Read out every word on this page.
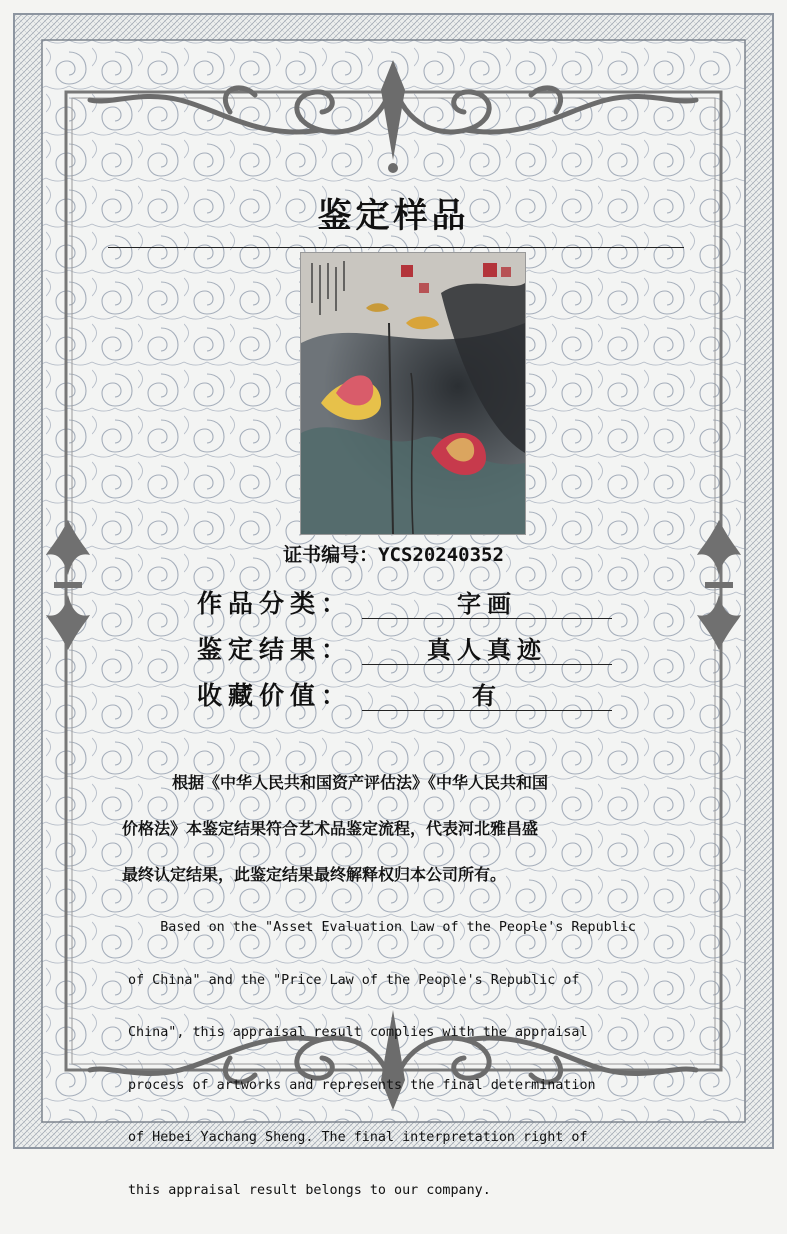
鉴定样品
证书编号：YCS20240352
作品分类：	字画
鉴定结果：	真人真迹
收藏价值：	有
根据《中华人民共和国资产评估法》《中华人民共和国
价格法》本鉴定结果符合艺术品鉴定流程，代表河北雅昌盛
最终认定结果，此鉴定结果最终解释权归本公司所有。

Based on the "Asset Evaluation Law of the People's Republic

of China" and the "Price Law of the People's Republic of

China", this appraisal result complies with the appraisal

process of artworks and represents the final determination

of Hebei Yachang Sheng. The final interpretation right of

this appraisal result belongs to our company.
